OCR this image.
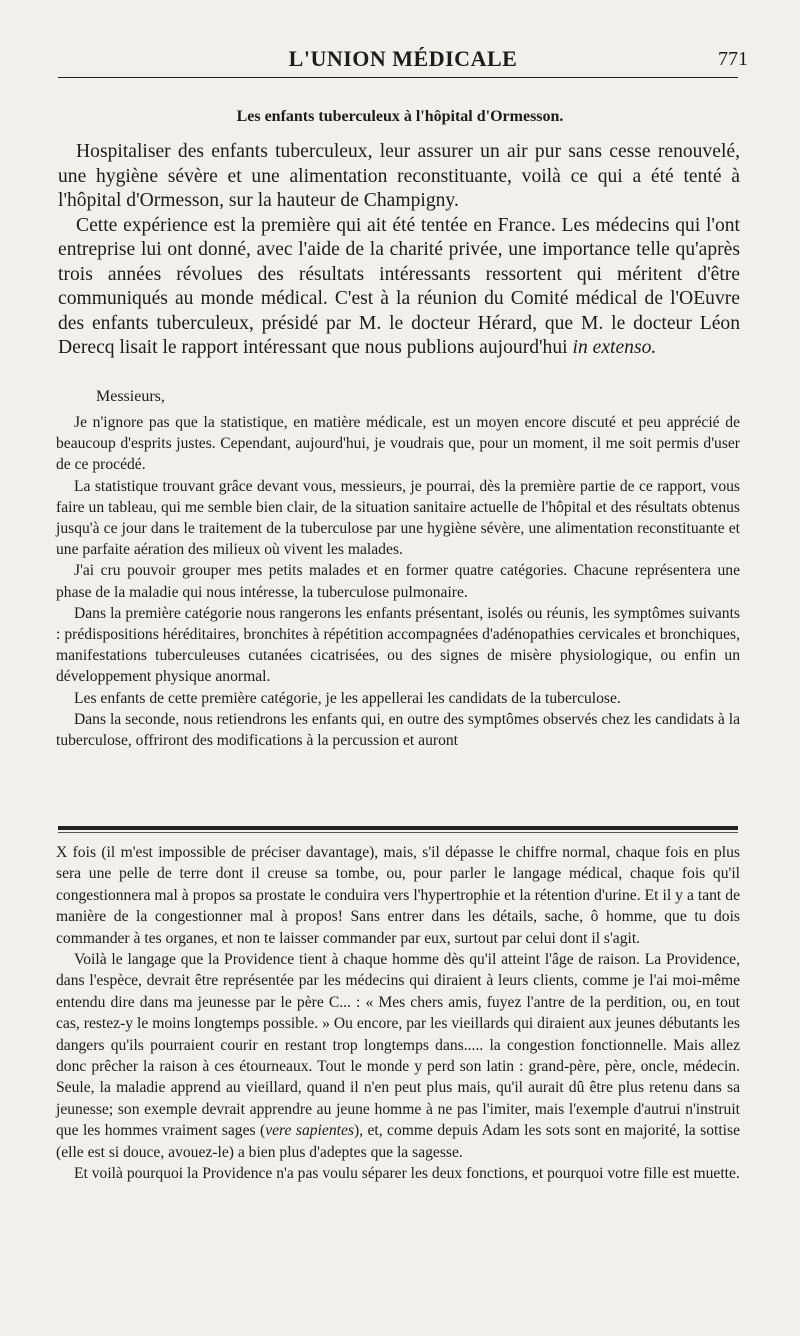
L'UNION MÉDICALE	771
Les enfants tuberculeux à l'hôpital d'Ormesson.

Hospitaliser des enfants tuberculeux, leur assurer un air pur sans cesse renouvelé, une hygiène sévère et une alimentation reconstituante, voilà ce qui a été tenté à l'hôpital d'Ormesson, sur la hauteur de Champigny.

Cette expérience est la première qui ait été tentée en France. Les médecins qui l'ont entreprise lui ont donné, avec l'aide de la charité privée, une importance telle qu'après trois années révolues des résultats intéressants ressortent qui méritent d'être communiqués au monde médical. C'est à la réunion du Comité médical de l'OEuvre des enfants tuberculeux, présidé par M. le docteur Hérard, que M. le docteur Léon Derecq lisait le rapport intéressant que nous publions aujourd'hui in extenso.

Messieurs,

Je n'ignore pas que la statistique, en matière médicale, est un moyen encore discuté et peu apprécié de beaucoup d'esprits justes. Cependant, aujourd'hui, je voudrais que, pour un moment, il me soit permis d'user de ce procédé.

La statistique trouvant grâce devant vous, messieurs, je pourrai, dès la première partie de ce rapport, vous faire un tableau, qui me semble bien clair, de la situation sanitaire actuelle de l'hôpital et des résultats obtenus jusqu'à ce jour dans le traitement de la tuberculose par une hygiène sévère, une alimentation reconstituante et une parfaite aération des milieux où vivent les malades.

J'ai cru pouvoir grouper mes petits malades et en former quatre catégories. Chacune représentera une phase de la maladie qui nous intéresse, la tuberculose pulmonaire.

Dans la première catégorie nous rangerons les enfants présentant, isolés ou réunis, les symptômes suivants : prédispositions héréditaires, bronchites à répétition accompagnées d'adénopathies cervicales et bronchiques, manifestations tuberculeuses cutanées cicatrisées, ou des signes de misère physiologique, ou enfin un développement physique anormal.

Les enfants de cette première catégorie, je les appellerai les candidats de la tuberculose.

Dans la seconde, nous retiendrons les enfants qui, en outre des symptômes observés chez les candidats à la tuberculose, offriront des modifications à la percussion et auront

X fois (il m'est impossible de préciser davantage), mais, s'il dépasse le chiffre normal, chaque fois en plus sera une pelle de terre dont il creuse sa tombe, ou, pour parler le langage médical, chaque fois qu'il congestionnera mal à propos sa prostate le conduira vers l'hypertrophie et la rétention d'urine. Et il y a tant de manière de la congestionner mal à propos! Sans entrer dans les détails, sache, ô homme, que tu dois commander à tes organes, et non te laisser commander par eux, surtout par celui dont il s'agit.

Voilà le langage que la Providence tient à chaque homme dès qu'il atteint l'âge de raison. La Providence, dans l'espèce, devrait être représentée par les médecins qui diraient à leurs clients, comme je l'ai moi-même entendu dire dans ma jeunesse par le père C... : « Mes chers amis, fuyez l'antre de la perdition, ou, en tout cas, restez-y le moins longtemps possible. » Ou encore, par les vieillards qui diraient aux jeunes débutants les dangers qu'ils pourraient courir en restant trop longtemps dans..... la congestion fonctionnelle. Mais allez donc prêcher la raison à ces étourneaux. Tout le monde y perd son latin : grand-père, père, oncle, médecin. Seule, la maladie apprend au vieillard, quand il n'en peut plus mais, qu'il aurait dû être plus retenu dans sa jeunesse; son exemple devrait apprendre au jeune homme à ne pas l'imiter, mais l'exemple d'autrui n'instruit que les hommes vraiment sages (vere sapientes), et, comme depuis Adam les sots sont en majorité, la sottise (elle est si douce, avouez-le) a bien plus d'adeptes que la sagesse.

Et voilà pourquoi la Providence n'a pas voulu séparer les deux fonctions, et pourquoi votre fille est muette.
